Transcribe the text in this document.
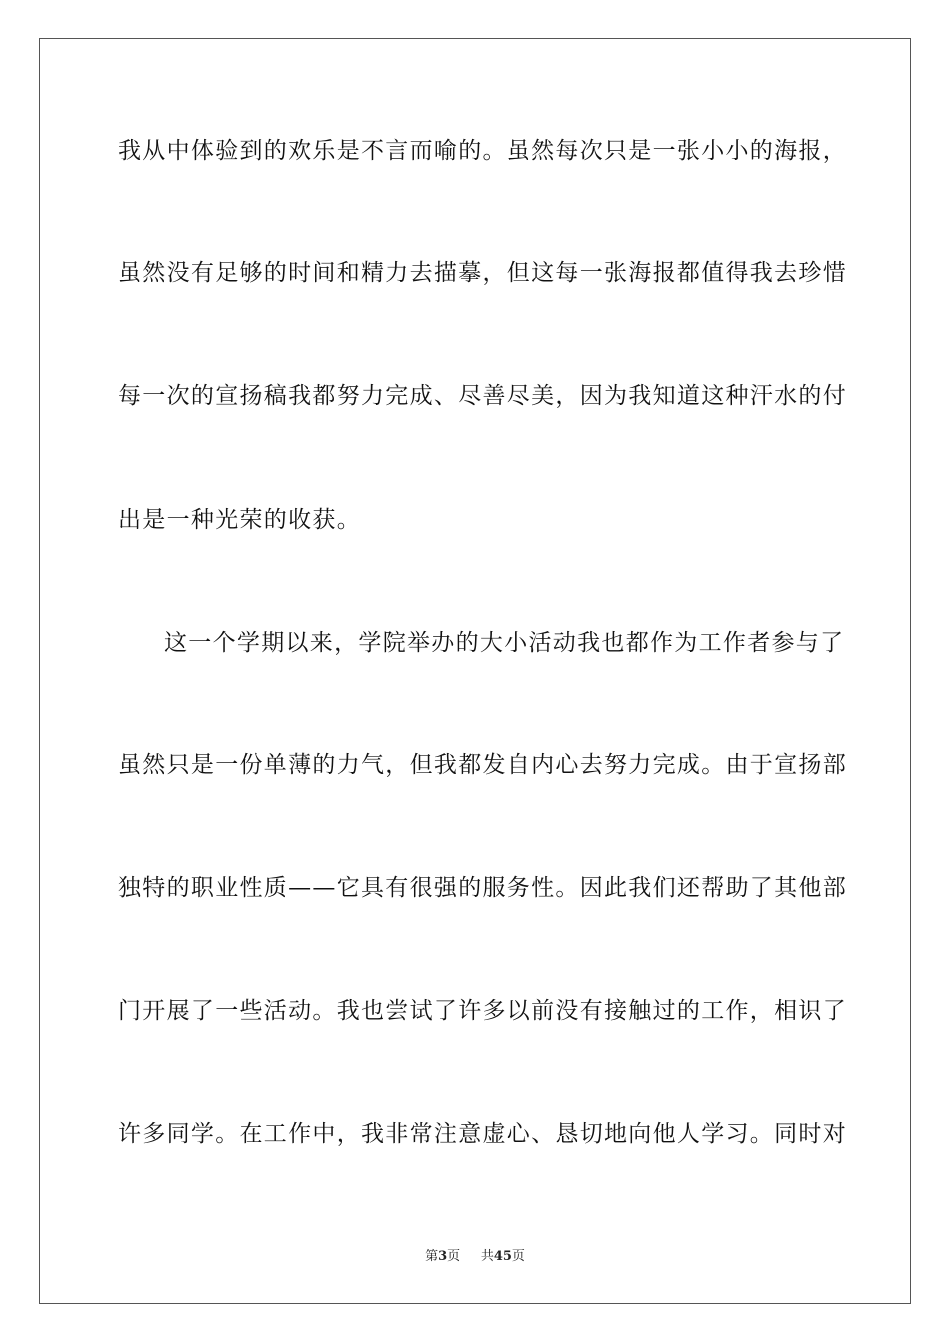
我从中体验到的欢乐是不言而喻的。虽然每次只是一张小小的海报，
虽然没有足够的时间和精力去描摹，但这每一张海报都值得我去珍惜
每一次的宣扬稿我都努力完成、尽善尽美，因为我知道这种汗水的付
出是一种光荣的收获。
这一个学期以来，学院举办的大小活动我也都作为工作者参与了
虽然只是一份单薄的力气，但我都发自内心去努力完成。由于宣扬部
独特的职业性质——它具有很强的服务性。因此我们还帮助了其他部
门开展了一些活动。我也尝试了许多以前没有接触过的工作，相识了
许多同学。在工作中，我非常注意虚心、恳切地向他人学习。同时对
第3页 共45页
